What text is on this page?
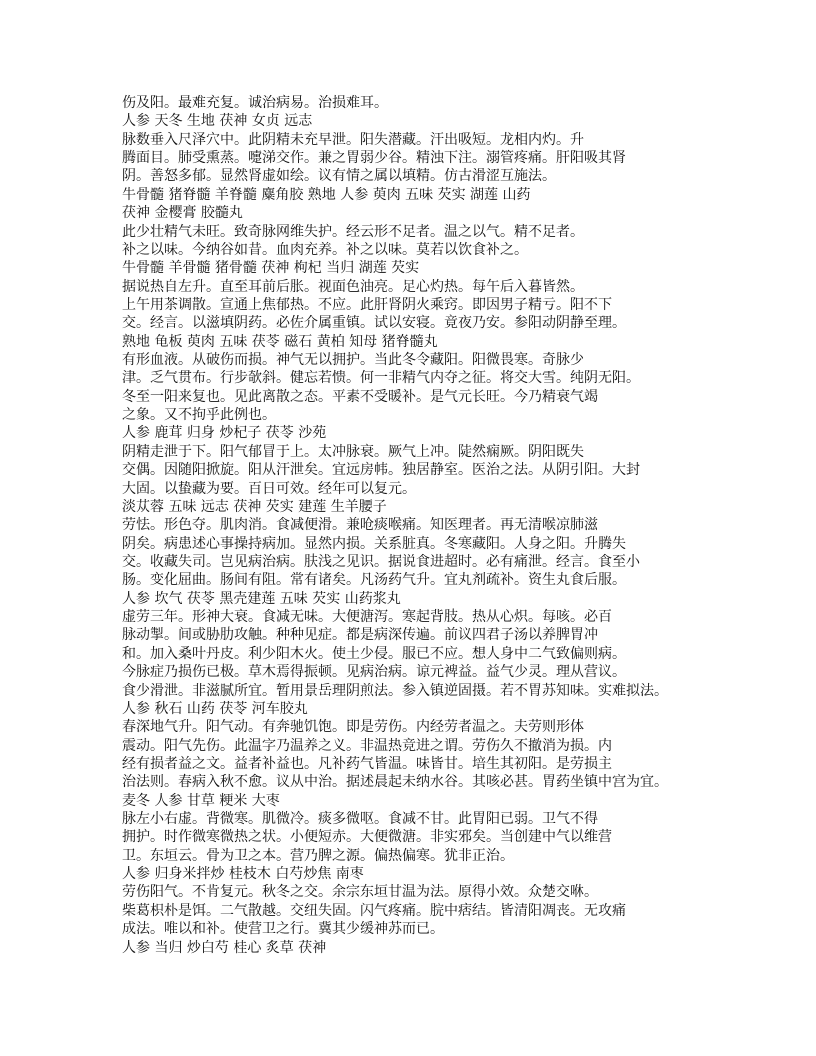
伤及阳。最难充复。诚治病易。治损难耳。
人参 天冬 生地 茯神 女贞 远志
脉数垂入尺泽穴中。此阴精未充早泄。阳失潜藏。汗出吸短。龙相内灼。升
腾面目。肺受熏蒸。嚏涕交作。兼之胃弱少谷。精浊下注。溺管疼痛。肝阳吸其肾
阴。善怒多郁。显然肾虚如绘。议有情之属以填精。仿古滑涩互施法。
牛骨髓 猪脊髓 羊脊髓 麋角胶 熟地 人参 萸肉 五味 芡实 湖莲 山药
茯神 金樱膏 胶髓丸
此少壮精气未旺。致奇脉网维失护。经云形不足者。温之以气。精不足者。
补之以味。今纳谷如昔。血肉充养。补之以味。莫若以饮食补之。
牛骨髓 羊骨髓 猪骨髓 茯神 枸杞 当归 湖莲 芡实
据说热自左升。直至耳前后胀。视面色油亮。足心灼热。每午后入暮皆然。
上午用茶调散。宣通上焦郁热。不应。此肝肾阴火乘窍。即因男子精亏。阳不下
交。经言。以滋填阴药。必佐介属重镇。试以安寝。竟夜乃安。参阳动阴静至理。
熟地 龟板 萸肉 五味 茯苓 磁石 黄柏 知母 猪脊髓丸
有形血液。从破伤而损。神气无以拥护。当此冬令藏阳。阳微畏寒。奇脉少
津。乏气贯布。行步欹斜。健忘若愦。何一非精气内夺之征。将交大雪。纯阴无阳。
冬至一阳来复也。见此离散之态。平素不受暖补。是气元长旺。今乃精衰气竭
之象。又不拘乎此例也。
人参 鹿茸 归身 炒杞子 茯苓 沙苑
阴精走泄于下。阳气郁冒于上。太冲脉衰。厥气上冲。陡然痫厥。阴阳既失
交偶。因随阳掀旋。阳从汗泄矣。宜远房帏。独居静室。医治之法。从阴引阳。大封
大固。以蛰藏为要。百日可效。经年可以复元。
淡苁蓉 五味 远志 茯神 芡实 建莲 生羊腰子
劳怯。形色夺。肌肉消。食减便滑。兼呛痰喉痛。知医理者。再无清喉凉肺滋
阴矣。病患述心事操持病加。显然内损。关系脏真。冬寒藏阳。人身之阳。升腾失
交。收藏失司。岂见病治病。肤浅之见识。据说食进超时。必有痛泄。经言。食至小
肠。变化屈曲。肠间有阻。常有诸矣。凡汤药气升。宜丸剂疏补。资生丸食后服。
人参 坎气 茯苓 黑壳建莲 五味 芡实 山药浆丸
虚劳三年。形神大衰。食减无味。大便溏泻。寒起背肢。热从心炽。每咳。必百
脉动掣。间或胁肋攻触。种种见症。都是病深传遍。前议四君子汤以养脾胃冲
和。加入桑叶丹皮。利少阳木火。使土少侵。服已不应。想人身中二气致偏则病。
今脉症乃损伤已极。草木焉得振顿。见病治病。谅元裨益。益气少灵。理从营议。
食少滑泄。非滋腻所宜。暂用景岳理阴煎法。参入镇逆固摄。若不胃苏知味。实难拟法。
人参 秋石 山药 茯苓 河车胶丸
春深地气升。阳气动。有奔驰饥饱。即是劳伤。内经劳者温之。夫劳则形体
震动。阳气先伤。此温字乃温养之义。非温热竞进之谓。劳伤久不撤消为损。内
经有损者益之文。益者补益也。凡补药气皆温。味皆甘。培生其初阳。是劳损主
治法则。春病入秋不愈。议从中治。据述晨起未纳水谷。其咳必甚。胃药坐镇中宫为宜。
麦冬 人参 甘草 粳米 大枣
脉左小右虚。背微寒。肌微冷。痰多微呕。食减不甘。此胃阳已弱。卫气不得
拥护。时作微寒微热之状。小便短赤。大便微溏。非实邪矣。当创建中气以维营
卫。东垣云。骨为卫之本。营乃脾之源。偏热偏寒。犹非正治。
人参 归身米拌炒 桂枝木 白芍炒焦 南枣
劳伤阳气。不肯复元。秋冬之交。余宗东垣甘温为法。原得小效。众楚交咻。
柴葛枳朴是饵。二气散越。交纽失固。闪气疼痛。脘中痞结。皆清阳凋丧。无攻痛
成法。唯以和补。使营卫之行。冀其少缓神苏而已。
人参 当归 炒白芍 桂心 炙草 茯神
